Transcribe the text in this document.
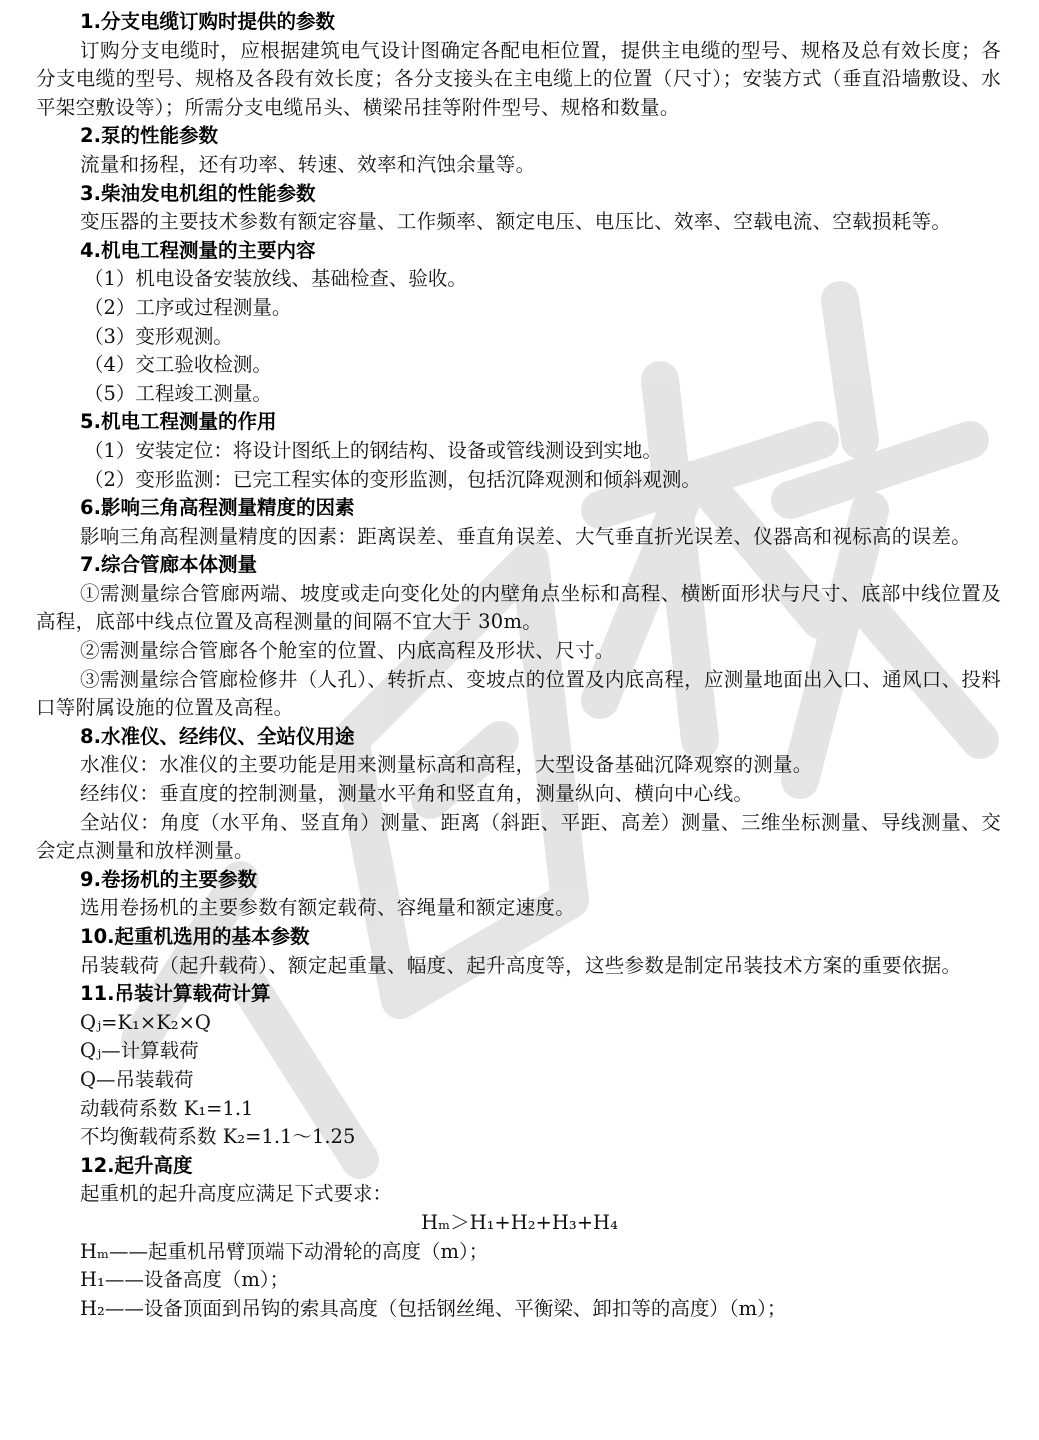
1.分支电缆订购时提供的参数
订购分支电缆时，应根据建筑电气设计图确定各配电柜位置，提供主电缆的型号、规格及总有效长度；各分支电缆的型号、规格及各段有效长度；各分支接头在主电缆上的位置（尺寸）；安装方式（垂直沿墙敷设、水平架空敷设等）；所需分支电缆吊头、横梁吊挂等附件型号、规格和数量。
2.泵的性能参数
流量和扬程，还有功率、转速、效率和汽蚀余量等。
3.柴油发电机组的性能参数
变压器的主要技术参数有额定容量、工作频率、额定电压、电压比、效率、空载电流、空载损耗等。
4.机电工程测量的主要内容
（1）机电设备安装放线、基础检查、验收。
（2）工序或过程测量。
（3）变形观测。
（4）交工验收检测。
（5）工程竣工测量。
5.机电工程测量的作用
（1）安装定位：将设计图纸上的钢结构、设备或管线测设到实地。
（2）变形监测：已完工程实体的变形监测，包括沉降观测和倾斜观测。
6.影响三角高程测量精度的因素
影响三角高程测量精度的因素：距离误差、垂直角误差、大气垂直折光误差、仪器高和视标高的误差。
7.综合管廊本体测量
①需测量综合管廊两端、坡度或走向变化处的内壁角点坐标和高程、横断面形状与尺寸、底部中线位置及高程，底部中线点位置及高程测量的间隔不宜大于 30m。
②需测量综合管廊各个舱室的位置、内底高程及形状、尺寸。
③需测量综合管廊检修井（人孔）、转折点、变坡点的位置及内底高程，应测量地面出入口、通风口、投料口等附属设施的位置及高程。
8.水准仪、经纬仪、全站仪用途
水准仪：水准仪的主要功能是用来测量标高和高程，大型设备基础沉降观察的测量。
经纬仪：垂直度的控制测量，测量水平角和竖直角，测量纵向、横向中心线。
全站仪：角度（水平角、竖直角）测量、距离（斜距、平距、高差）测量、三维坐标测量、导线测量、交会定点测量和放样测量。
9.卷扬机的主要参数
选用卷扬机的主要参数有额定载荷、容绳量和额定速度。
10.起重机选用的基本参数
吊装载荷（起升载荷）、额定起重量、幅度、起升高度等，这些参数是制定吊装技术方案的重要依据。
11.吊装计算载荷计算
Qⱼ=K₁×K₂×Q
Qⱼ—计算载荷
Q—吊装载荷
动载荷系数 K₁=1.1
不均衡载荷系数 K₂=1.1～1.25
12.起升高度
起重机的起升高度应满足下式要求：
Hₘ＞H₁+H₂+H₃+H₄
Hₘ——起重机吊臂顶端下动滑轮的高度（m）；
H₁——设备高度（m）；
H₂——设备顶面到吊钩的索具高度（包括钢丝绳、平衡梁、卸扣等的高度）（m）；
